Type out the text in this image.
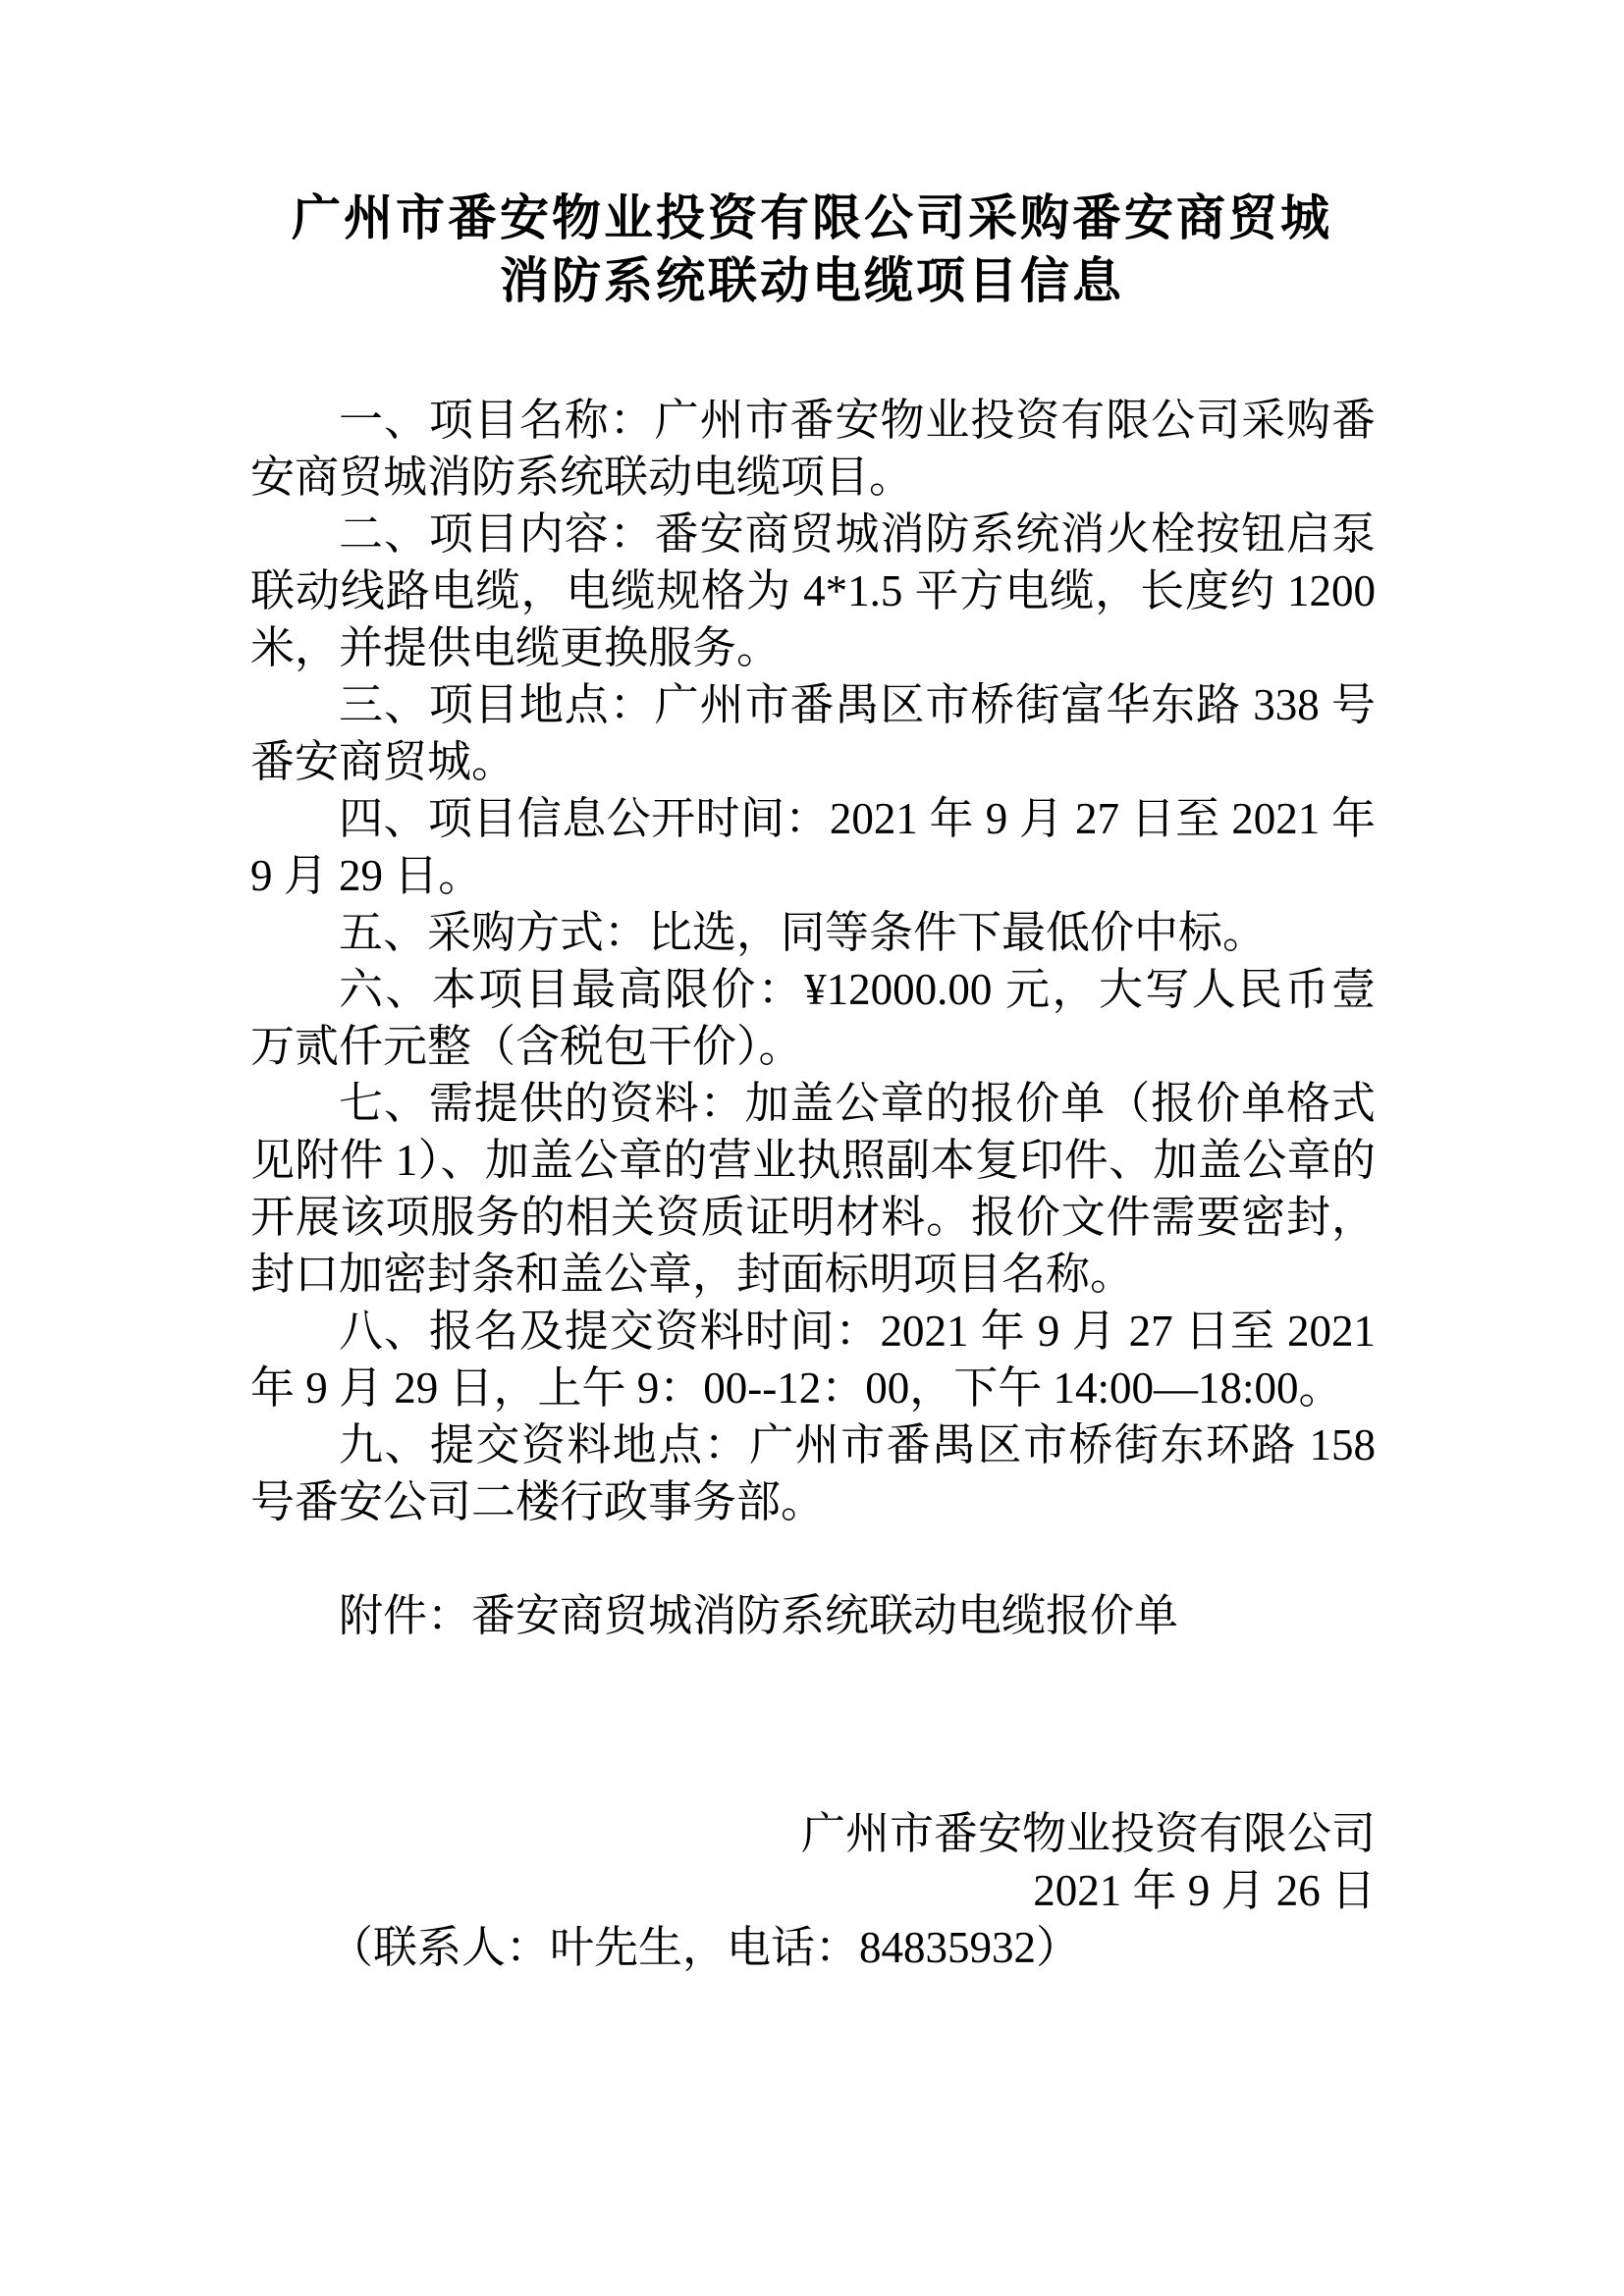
广州市番安物业投资有限公司采购番安商贸城
消防系统联动电缆项目信息

一、项目名称：广州市番安物业投资有限公司采购番安商贸城消防系统联动电缆项目。

二、项目内容：番安商贸城消防系统消火栓按钮启泵联动线路电缆，电缆规格为 4*1.5 平方电缆，长度约 1200 米，并提供电缆更换服务。

三、项目地点：广州市番禺区市桥街富华东路 338 号番安商贸城。

四、项目信息公开时间：2021 年 9 月 27 日至 2021 年 9 月 29 日。

五、采购方式：比选，同等条件下最低价中标。

六、本项目最高限价：¥12000.00 元，大写人民币壹万贰仟元整（含税包干价）。

七、需提供的资料：加盖公章的报价单（报价单格式见附件 1）、加盖公章的营业执照副本复印件、加盖公章的开展该项服务的相关资质证明材料。报价文件需要密封，封口加密封条和盖公章，封面标明项目名称。

八、报名及提交资料时间：2021 年 9 月 27 日至 2021 年 9 月 29 日，上午 9：00--12：00，下午 14:00—18:00。

九、提交资料地点：广州市番禺区市桥街东环路 158 号番安公司二楼行政事务部。

附件：番安商贸城消防系统联动电缆报价单

广州市番安物业投资有限公司

2021 年 9 月 26 日

（联系人：叶先生，电话：84835932）
